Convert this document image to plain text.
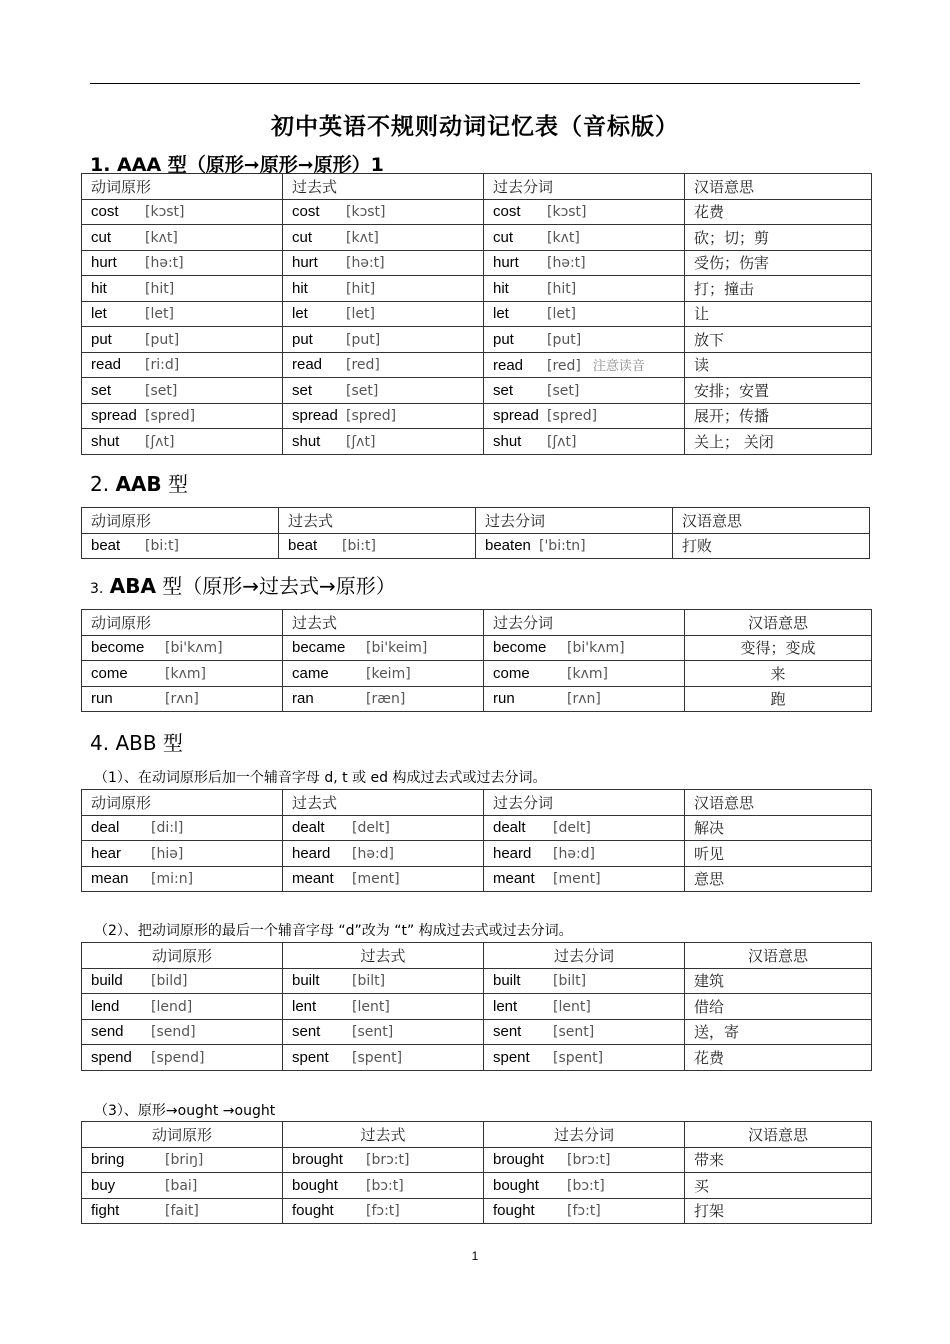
初中英语不规则动词记忆表（音标版）
1. AAA 型（原形➞原形➞原形）1
动词原形	过去式	过去分词	汉语意思
cost [kɔst]	cost [kɔst]	cost [kɔst]	花费
cut [kʌt]	cut [kʌt]	cut [kʌt]	砍；切；剪
hurt [hə:t]	hurt [hə:t]	hurt [hə:t]	受伤；伤害
hit [hit]	hit [hit]	hit [hit]	打；撞击
let [let]	let [let]	let [let]	让
put [put]	put [put]	put [put]	放下
read [ri:d]	read [red]	read [red] 注意读音	读
set [set]	set [set]	set [set]	安排；安置
spread [spred]	spread [spred]	spread [spred]	展开；传播
shut [ʃʌt]	shut [ʃʌt]	shut [ʃʌt]	关上； 关闭
2. AAB 型
动词原形	过去式	过去分词	汉语意思
beat [bi:t]	beat [bi:t]	beaten ['bi:tn]	打败
3. ABA 型（原形→过去式→原形）
动词原形	过去式	过去分词	汉语意思
become [bi'kʌm]	became [bi'keim]	become [bi'kʌm]	变得；变成
come [kʌm]	came [keim]	come [kʌm]	来
run [rʌn]	ran [ræn]	run [rʌn]	跑
4. ABB 型
（1）、在动词原形后加一个辅音字母 d, t 或 ed 构成过去式或过去分词。
动词原形	过去式	过去分词	汉语意思
deal [di:l]	dealt [delt]	dealt [delt]	解决
hear [hiə]	heard [hə:d]	heard [hə:d]	听见
mean [mi:n]	meant [ment]	meant [ment]	意思
（2）、把动词原形的最后一个辅音字母 “d”改为 “t” 构成过去式或过去分词。
动词原形	过去式	过去分词	汉语意思
build [bild]	built [bilt]	built [bilt]	建筑
lend [lend]	lent [lent]	lent [lent]	借给
send [send]	sent [sent]	sent [sent]	送，寄
spend [spend]	spent [spent]	spent [spent]	花费
（3）、原形→ought →ought
动词原形	过去式	过去分词	汉语意思
bring [briŋ]	brought [brɔ:t]	brought [brɔ:t]	带来
buy [bai]	bought [bɔ:t]	bought [bɔ:t]	买
fight [fait]	fought [fɔ:t]	fought [fɔ:t]	打架
1
